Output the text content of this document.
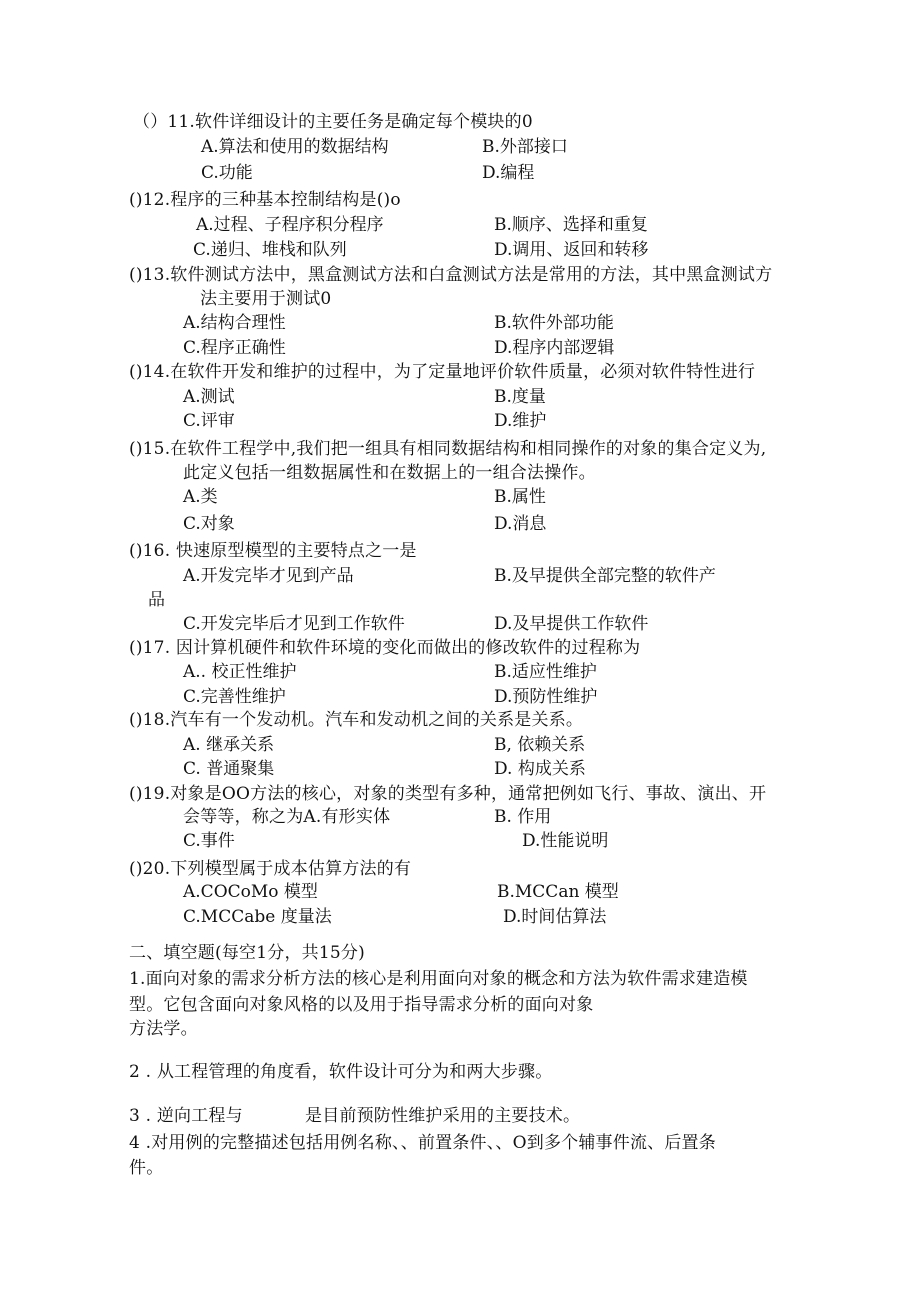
（）11.软件详细设计的主要任务是确定每个模块的0
A.算法和使用的数据结构	B.外部接口
C.功能	D.编程
()12.程序的三种基本控制结构是()o
A.过程、子程序积分程序	B.顺序、选择和重复
C.递归、堆栈和队列	D.调用、返回和转移
()13.软件测试方法中，黑盒测试方法和白盒测试方法是常用的方法，其中黑盒测试方
法主要用于测试0
A.结构合理性	B.软件外部功能
C.程序正确性	D.程序内部逻辑
()14.在软件开发和维护的过程中，为了定量地评价软件质量，必须对软件特性进行
A.测试	B.度量
C.评审	D.维护
()15.在软件工程学中,我们把一组具有相同数据结构和相同操作的对象的集合定义为,
此定义包括一组数据属性和在数据上的一组合法操作。
A.类	B.属性
C.对象	D.消息
()16. 快速原型模型的主要特点之一是
A.开发完毕才见到产品	B.及早提供全部完整的软件产
品
C.开发完毕后才见到工作软件	D.及早提供工作软件
()17. 因计算机硬件和软件环境的变化而做出的修改软件的过程称为
A.. 校正性维护	B.适应性维护
C.完善性维护	D.预防性维护
()18.汽车有一个发动机。汽车和发动机之间的关系是关系。
A. 继承关系	B, 依赖关系
C. 普通聚集	D. 构成关系
()19.对象是OO方法的核心，对象的类型有多种，通常把例如飞行、事故、演出、开
会等等，称之为A.有形实体	B. 作用
C.事件	D.性能说明
()20.下列模型属于成本估算方法的有
A.COCoMo 模型	B.MCCan 模型
C.MCCabe 度量法	D.时间估算法
二、填空题(每空1分，共15分)
1.面向对象的需求分析方法的核心是利用面向对象的概念和方法为软件需求建造模
型。它包含面向对象风格的以及用于指导需求分析的面向对象
方法学。
2 . 从工程管理的角度看，软件设计可分为和两大步骤。
3 . 逆向工程与	是目前预防性维护采用的主要技术。
4 .对用例的完整描述包括用例名称、、前置条件、、O到多个辅事件流、后置条
件。
